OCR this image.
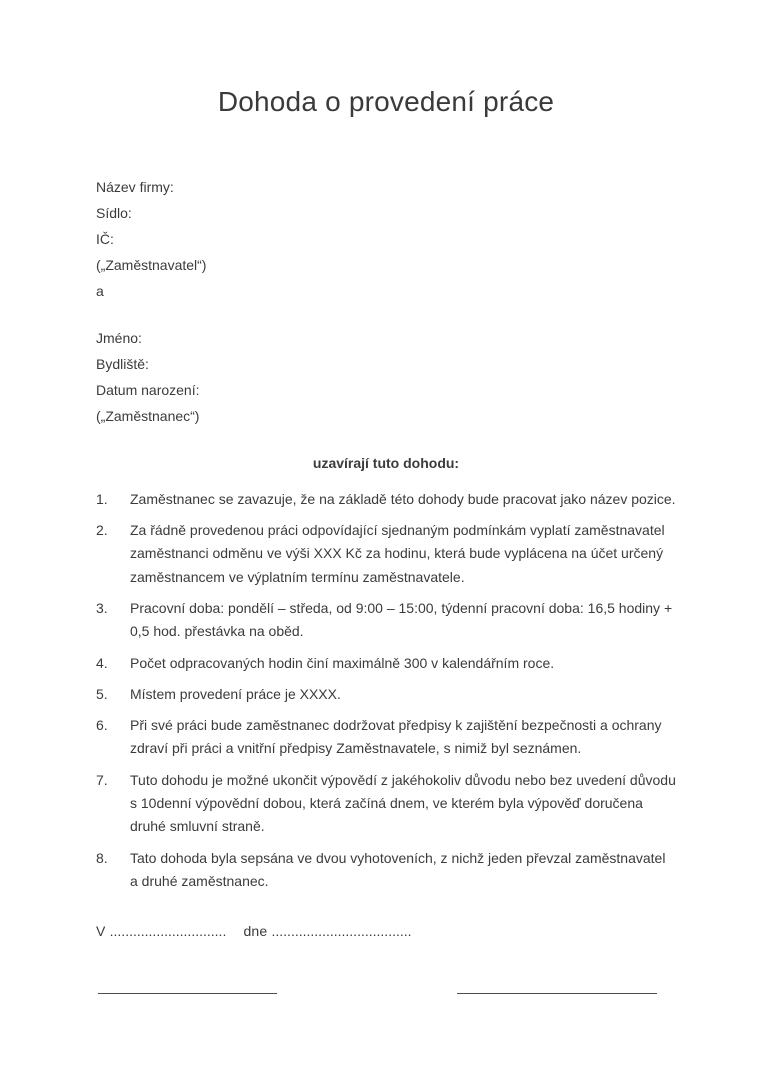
Dohoda o provedení práce

Název firmy:

Sídlo:

IČ:

(„Zaměstnavatel“)

a

Jméno:

Bydliště:

Datum narození:

(„Zaměstnanec“)

uzavírají tuto dohodu:

1.	Zaměstnanec se zavazuje, že na základě této dohody bude pracovat jako název pozice.
2.	Za řádně provedenou práci odpovídající sjednaným podmínkám vyplatí zaměstnavatel zaměstnanci odměnu ve výši XXX Kč za hodinu, která bude vyplácena na účet určený zaměstnancem ve výplatním termínu zaměstnavatele.
3.	Pracovní doba: pondělí – středa, od 9:00 – 15:00, týdenní pracovní doba: 16,5 hodiny + 0,5 hod. přestávka na oběd.
4.	Počet odpracovaných hodin činí maximálně 300 v kalendářním roce.
5.	Místem provedení práce je XXXX.
6.	Při své práci bude zaměstnanec dodržovat předpisy k zajištění bezpečnosti a ochrany zdraví při práci a vnitřní předpisy Zaměstnavatele, s nimiž byl seznámen.
7.	Tuto dohodu je možné ukončit výpovědí z jakéhokoliv důvodu nebo bez uvedení důvodu s 10denní výpovědní dobou, která začíná dnem, ve kterém byla výpověď doručena druhé smluvní straně.
8.	Tato dohoda byla sepsána ve dvou vyhotoveních, z nichž jeden převzal zaměstnavatel a druhé zaměstnanec.

V .............................. dne ....................................
